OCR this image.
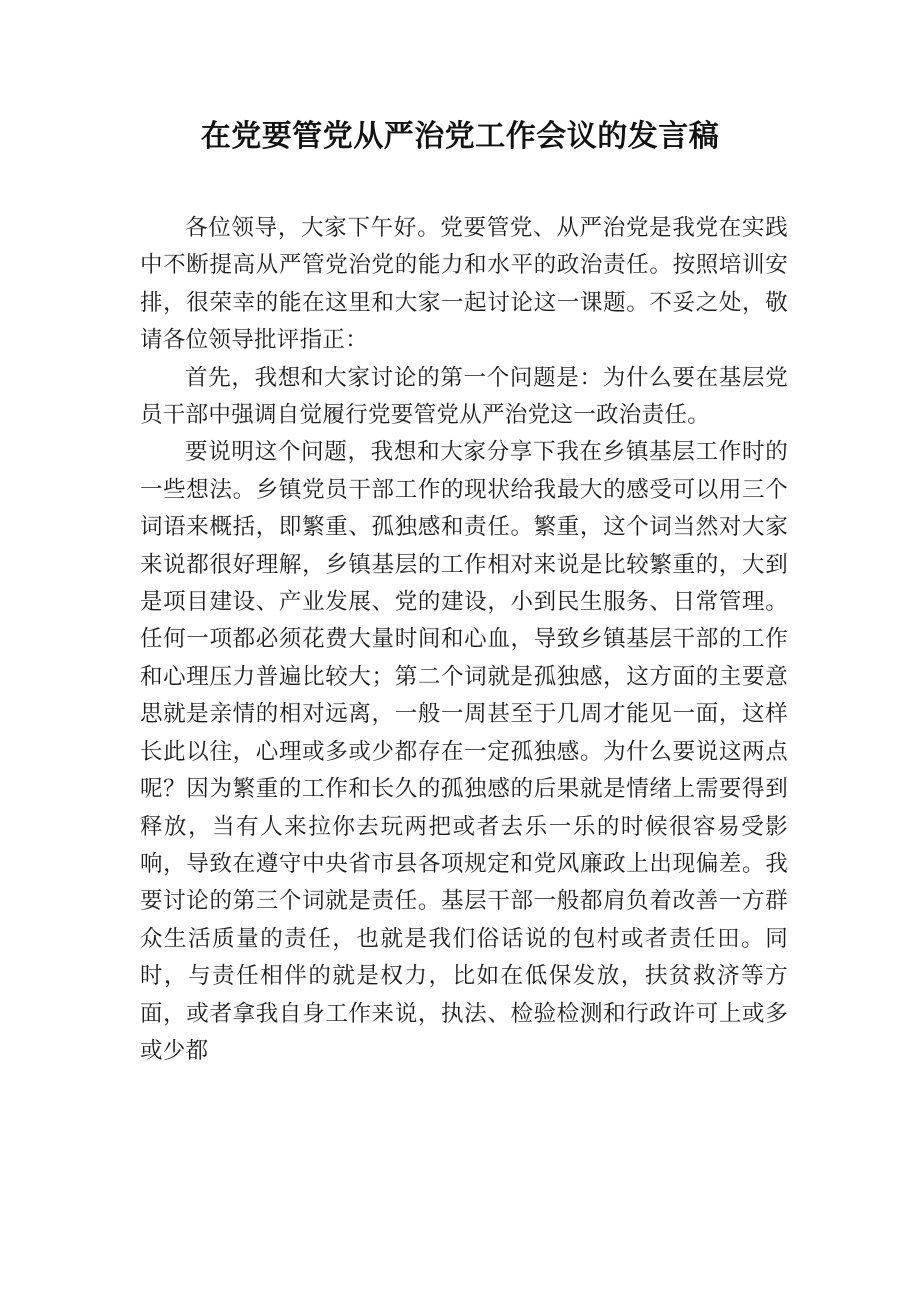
在党要管党从严治党工作会议的发言稿

各位领导，大家下午好。党要管党、从严治党是我党在实践中不断提高从严管党治党的能力和水平的政治责任。按照培训安排，很荣幸的能在这里和大家一起讨论这一课题。不妥之处，敬请各位领导批评指正：

首先，我想和大家讨论的第一个问题是：为什么要在基层党员干部中强调自觉履行党要管党从严治党这一政治责任。

要说明这个问题，我想和大家分享下我在乡镇基层工作时的一些想法。乡镇党员干部工作的现状给我最大的感受可以用三个词语来概括，即繁重、孤独感和责任。繁重，这个词当然对大家来说都很好理解，乡镇基层的工作相对来说是比较繁重的，大到是项目建设、产业发展、党的建设，小到民生服务、日常管理。任何一项都必须花费大量时间和心血，导致乡镇基层干部的工作和心理压力普遍比较大；第二个词就是孤独感，这方面的主要意思就是亲情的相对远离，一般一周甚至于几周才能见一面，这样长此以往，心理或多或少都存在一定孤独感。为什么要说这两点呢？因为繁重的工作和长久的孤独感的后果就是情绪上需要得到释放，当有人来拉你去玩两把或者去乐一乐的时候很容易受影响，导致在遵守中央省市县各项规定和党风廉政上出现偏差。我要讨论的第三个词就是责任。基层干部一般都肩负着改善一方群众生活质量的责任，也就是我们俗话说的包村或者责任田。同时，与责任相伴的就是权力，比如在低保发放，扶贫救济等方面，或者拿我自身工作来说，执法、检验检测和行政许可上或多或少都
